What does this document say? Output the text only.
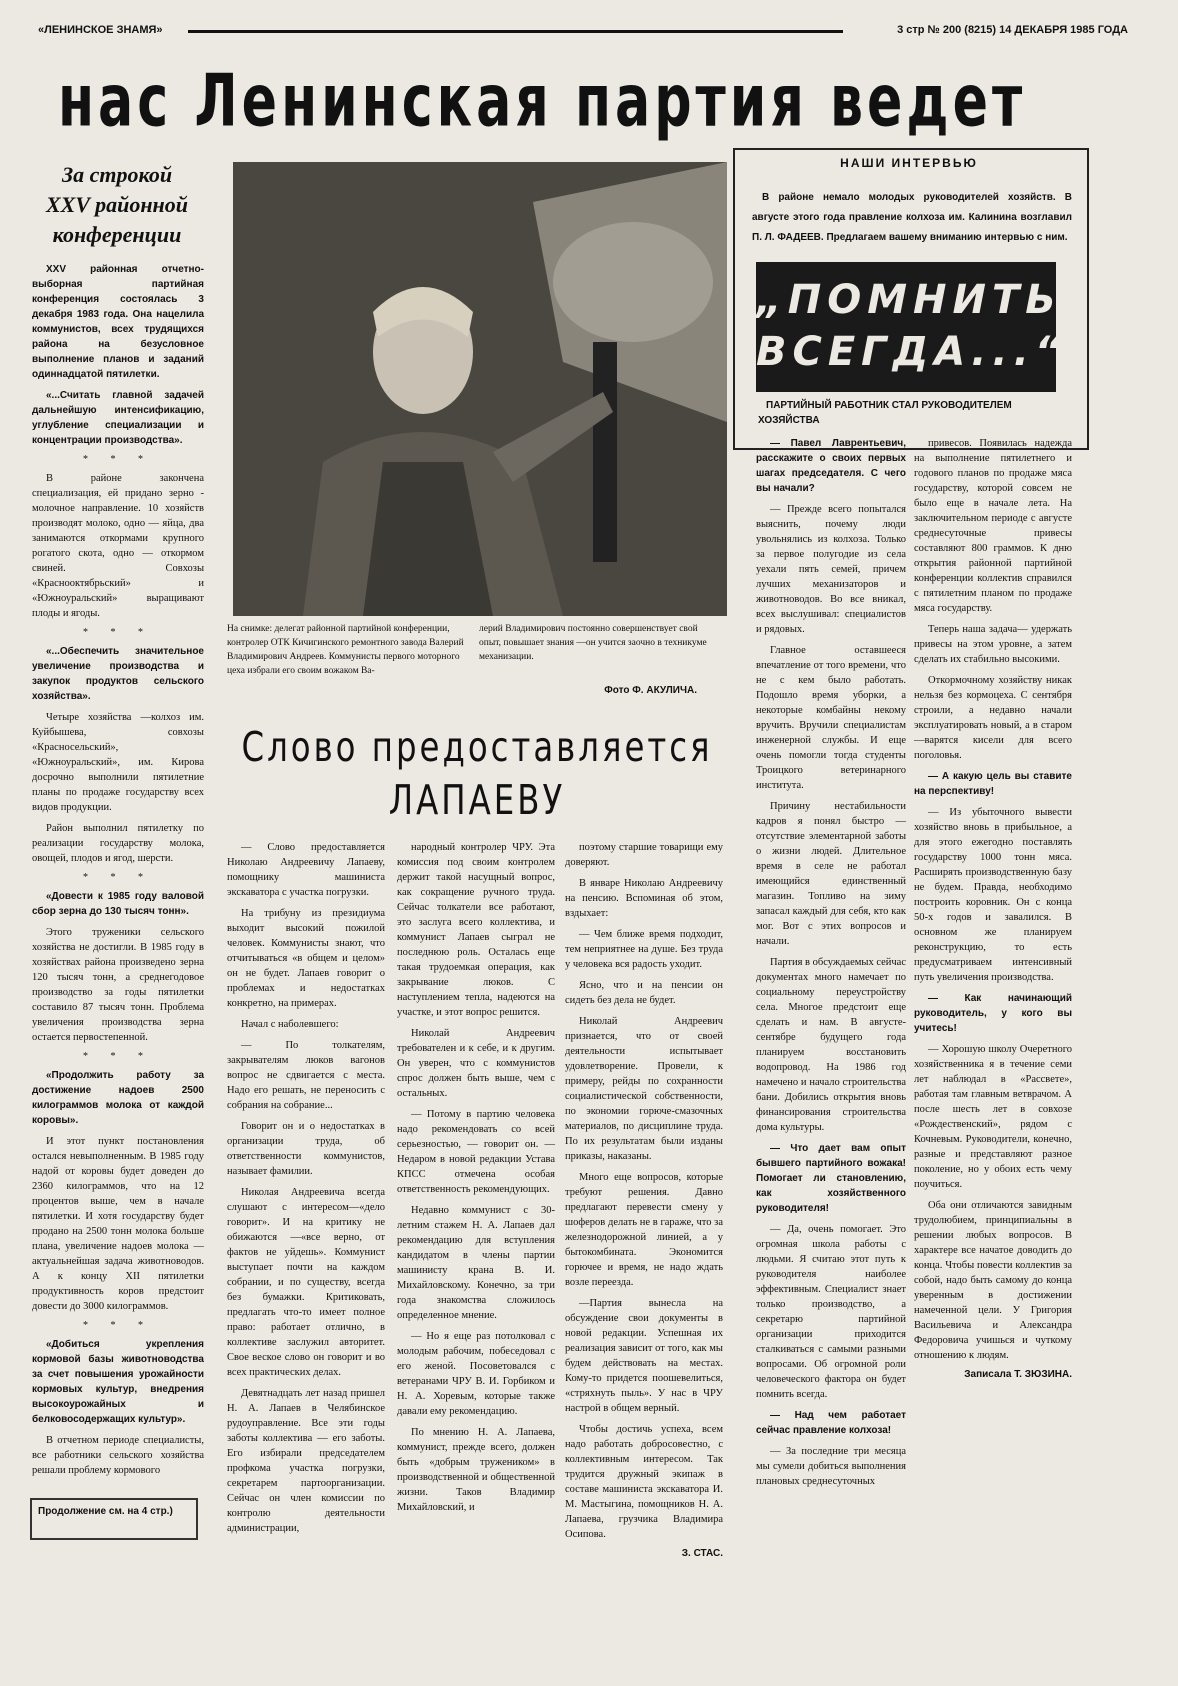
«ЛЕНИНСКОЕ ЗНАМЯ»	3 стр № 200 (8215) 14 ДЕКАБРЯ 1985 ГОДА
нас Ленинская партия ведет
За строкой
XXV районной
конференции

XXV районная отчетно-выборная партийная конференция состоялась 3 декабря 1983 года. Она нацелила коммунистов, всех трудящихся района на безусловное выполнение планов и заданий одиннадцатой пятилетки.

«...Считать главной задачей дальнейшую интенсификацию, углубление специализации и концентрации производства».

* * *

В районе закончена специализация, ей придано зерно - молочное направление. 10 хозяйств производят молоко, одно — яйца, два занимаются откормами крупного рогатого скота, одно — откормом свиней. Совхозы «Краснооктябрьский» и «Южноуральский» выращивают плоды и ягоды.

* * *

«...Обеспечить значительное увеличение производства и закупок продуктов сельского хозяйства».

Четыре хозяйства —колхоз им. Куйбышева, совхозы «Красносельский», «Южноуральский», им. Кирова досрочно выполнили пятилетние планы по продаже государству всех видов продукции.

Район выполнил пятилетку по реализации государству молока, овощей, плодов и ягод, шерсти.

* * *

«Довести к 1985 году валовой сбор зерна до 130 тысяч тонн».

Этого труженики сельского хозяйства не достигли. В 1985 году в хозяйствах района произведено зерна 120 тысяч тонн, а среднегодовое производство за годы пятилетки составило 87 тысяч тонн. Проблема увеличения производства зерна остается первостепенной.

* * *

«Продолжить работу за достижение надоев 2500 килограммов молока от каждой коровы».

И этот пункт постановления остался невыполненным. В 1985 году надой от коровы будет доведен до 2360 килограммов, что на 12 процентов выше, чем в начале пятилетки. И хотя государству будет продано на 2500 тонн молока больше плана, увеличение надоев молока — актуальнейшая задача животноводов. А к концу XII пятилетки продуктивность коров предстоит довести до 3000 килограммов.

* * *

«Добиться укрепления кормовой базы животноводства за счет повышения урожайности кормовых культур, внедрения высокоурожайных и белковосодержащих культур».

В отчетном периоде специалисты, все работники сельского хозяйства решали проблему кормового

Продолжение см. на 4 стр.)
На снимке: делегат районной партийной конференции, контролер ОТК Кичигинского ремонтного завода Валерий Владимирович Андреев. Коммунисты первого моторного цеха избрали его своим вожаком Ва-
лерий Владимирович постоянно совершенствует свой опыт, повышает знания —он учится заочно в техникуме механизации.
Фото Ф. АКУЛИЧА.
Слово предоставляется
ЛАПАЕВУ

— Слово предоставляется Николаю Андреевичу Лапаеву, помощнику машиниста экскаватора с участка погрузки.

На трибуну из президиума выходит высокий пожилой человек. Коммунисты знают, что отчитываться «в общем и целом» он не будет. Лапаев говорит о проблемах и недостатках конкретно, на примерах.

Начал с наболевшего:

— По толкателям, закрывателям люков вагонов вопрос не сдвигается с места. Надо его решать, не переносить с собрания на собрание...

Говорит он и о недостатках в организации труда, об ответственности коммунистов, называет фамилии.

Николая Андреевича всегда слушают с интересом—«дело говорит». И на критику не обижаются —«все верно, от фактов не уйдешь». Коммунист выступает почти на каждом собрании, и по существу, всегда без бумажки. Критиковать, предлагать что-то имеет полное право: работает отлично, в коллективе заслужил авторитет. Свое веское слово он говорит и во всех практических делах.

Девятнадцать лет назад пришел Н. А. Лапаев в Челябинское рудоуправление. Все эти годы заботы коллектива — его заботы. Его избирали председателем профкома участка погрузки, секретарем партоорганизации. Сейчас он член комиссии по контролю деятельности администрации,

народный контролер ЧРУ. Эта комиссия под своим контролем держит такой насущный вопрос, как сокращение ручного труда. Сейчас толкатели все работают, это заслуга всего коллектива, и коммунист Лапаев сыграл не последнюю роль. Осталась еще такая трудоемкая операция, как закрывание люков. С наступлением тепла, надеются на участке, и этот вопрос решится.

Николай Андреевич требователен и к себе, и к другим. Он уверен, что с коммунистов спрос должен быть выше, чем с остальных.

— Потому в партию человека надо рекомендовать со всей серьезностью, — говорит он. — Недаром в новой редакции Устава КПСС отмечена особая ответственность рекомендующих.

Недавно коммунист с 30-летним стажем Н. А. Лапаев дал рекомендацию для вступления кандидатом в члены партии машинисту крана В. И. Михайловскому. Конечно, за три года знакомства сложилось определенное мнение.

— Но я еще раз потолковал с молодым рабочим, побеседовал с его женой. Посоветовался с ветеранами ЧРУ В. И. Горбиком и Н. А. Хоревым, которые также давали ему рекомендацию.

По мнению Н. А. Лапаева, коммунист, прежде всего, должен быть «добрым тружеником» в производственной и общественной жизни. Таков Владимир Михайловский, и

поэтому старшие товарищи ему доверяют.

В январе Николаю Андреевичу на пенсию. Вспоминая об этом, вздыхает:

— Чем ближе время подходит, тем неприятнее на душе. Без труда у человека вся радость уходит.

Ясно, что и на пенсии он сидеть без дела не будет.

Николай Андреевич признается, что от своей деятельности испытывает удовлетворение. Провели, к примеру, рейды по сохранности социалистической собственности, по экономии горюче-смазочных материалов, по дисциплине труда. По их результатам были изданы приказы, наказаны.

Много еще вопросов, которые требуют решения. Давно предлагают перевести смену у шоферов делать не в гараже, что за железнодорожной линией, а у бытокомбината. Экономится горючее и время, не надо ждать возле переезда.

—Партия вынесла на обсуждение свои документы в новой редакции. Успешная их реализация зависит от того, как мы будем действовать на местах. Кому-то придется поошевелиться, «стряхнуть пыль». У нас в ЧРУ настрой в общем верный.

Чтобы достичь успеха, всем надо работать добросовестно, с коллективным интересом. Так трудится дружный экипаж в составе машиниста экскаватора И. М. Мастыгина, помощников Н. А. Лапаева, грузчика Владимира Осипова.

З. СТАС.
НАШИ ИНТЕРВЬЮ
В районе немало молодых руководителей хозяйств. В августе этого года правление колхоза им. Калинина возглавил П. Л. ФАДЕЕВ. Предлагаем вашему вниманию интервью с ним.
„ПОМНИТЬ
ВСЕГДА...“
ПАРТИЙНЫЙ РАБОТНИК СТАЛ РУКОВОДИТЕЛЕМ ХОЗЯЙСТВА

— Павел Лаврентьевич, расскажите о своих первых шагах председателя. С чего вы начали?

— Прежде всего попытался выяснить, почему люди увольнялись из колхоза. Только за первое полугодие из села уехали пять семей, причем лучших механизаторов и животноводов. Во все вникал, всех выслушивал: специалистов и рядовых.

Главное оставшееся впечатление от того времени, что не с кем было работать. Подошло время уборки, а некоторые комбайны некому вручить. Вручили специалистам инженерной службы. И еще очень помогли тогда студенты Троицкого ветеринарного института.

Причину нестабильности кадров я понял быстро — отсутствие элементарной заботы о жизни людей. Длительное время в селе не работал имеющийся единственный магазин. Топливо на зиму запасал каждый для себя, кто как мог. Вот с этих вопросов и начали.

Партия в обсуждаемых сейчас документах много намечает по социальному переустройству села. Многое предстоит еще сделать и нам. В августе-сентябре будущего года планируем восстановить водопровод. На 1986 год намечено и начало строительства бани. Добились открытия вновь финансирования строительства дома культуры.

— Что дает вам опыт бывшего партийного вожака! Помогает ли становлению, как хозяйственного руководителя!

— Да, очень помогает. Это огромная школа работы с людьми. Я считаю этот путь к руководителя наиболее эффективным. Специалист знает только производство, а секретарю партийной организации приходится сталкиваться с самыми разными вопросами. Об огромной роли человеческого фактора он будет помнить всегда.

— Над чем работает сейчас правление колхоза!

— За последние три месяца мы сумели добиться выполнения плановых среднесуточных

привесов. Появилась надежда на выполнение пятилетнего и годового планов по продаже мяса государству, которой совсем не было еще в начале лета. На заключительном периоде с августе среднесуточные привесы составляют 800 граммов. К дню открытия районной партийной конференции коллектив справился с пятилетним планом по продаже мяса государству.

Теперь наша задача— удержать привесы на этом уровне, а затем сделать их стабильно высокими.

Откормочному хозяйству никак нельзя без кормоцеха. С сентября строили, а недавно начали эксплуатировать новый, а в старом—варятся кисели для всего поголовья.

— А какую цель вы ставите на перспективу!

— Из убыточного вывести хозяйство вновь в прибыльное, а для этого ежегодно поставлять государству 1000 тонн мяса. Расширять производственную базу не будем. Правда, необходимо построить коровник. Он с конца 50-х годов и завалился. В основном же планируем реконструкцию, то есть предусматриваем интенсивный путь увеличения производства.

— Как начинающий руководитель, у кого вы учитесь!

— Хорошую школу Очеретного хозяйственника я в течение семи лет наблюдал в «Рассвете», работая там главным ветврачом. А после шесть лет в совхозе «Рождественский», рядом с Кочневым. Руководители, конечно, разные и представляют разное поколение, но у обоих есть чему поучиться.

Оба они отличаются завидным трудолюбием, принципиальны в решении любых вопросов. В характере все начатое доводить до конца. Чтобы повести коллектив за собой, надо быть самому до конца уверенным в достижении намеченной цели. У Григория Васильевича и Александра Федоровича учишься и чуткому отношению к людям.

Записала Т. ЗЮЗИНА.
